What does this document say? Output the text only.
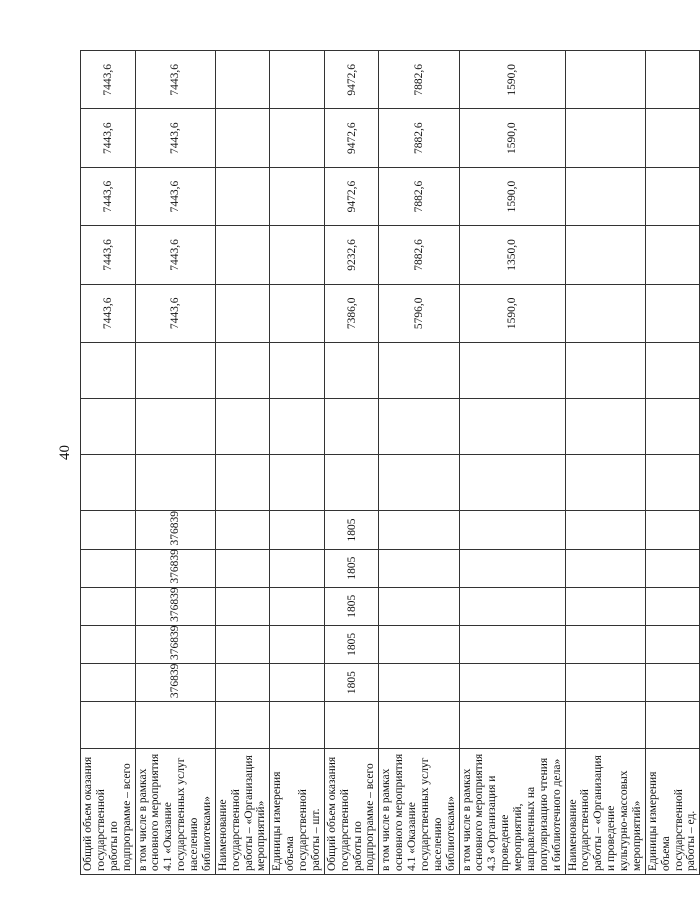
40
Общий объем оказания государственной работы по подпрограмме – всего										7443,6	7443,6	7443,6	7443,6	7443,6
в том числе в рамках основного мероприятия 4.1 «Оказание государственных услуг населению библиотеками»		376839	376839	376839	376839	376839				7443,6	7443,6	7443,6	7443,6	7443,6
Наименование государственной работы – «Организация мероприятий»														
Единицы измерения объема государственной работы – шт.														
Общий объем оказания государственной работы по подпрограмме – всего		1805	1805	1805	1805	1805				7386,0	9232,6	9472,6	9472,6	9472,6
в том числе в рамках основного мероприятия 4.1 «Оказание государственных услуг населению библиотеками»										5796,0	7882,6	7882,6	7882,6	7882,6
в том числе в рамках основного мероприятия 4.3 «Организация и проведение мероприятий, направленных на популяризацию чтения и библиотечного дела»										1590,0	1350,0	1590,0	1590,0	1590,0
Наименование государственной работы – «Организация и проведение культурно-массовых мероприятий»														
Единицы измерения объема государственной работы – ед.														
